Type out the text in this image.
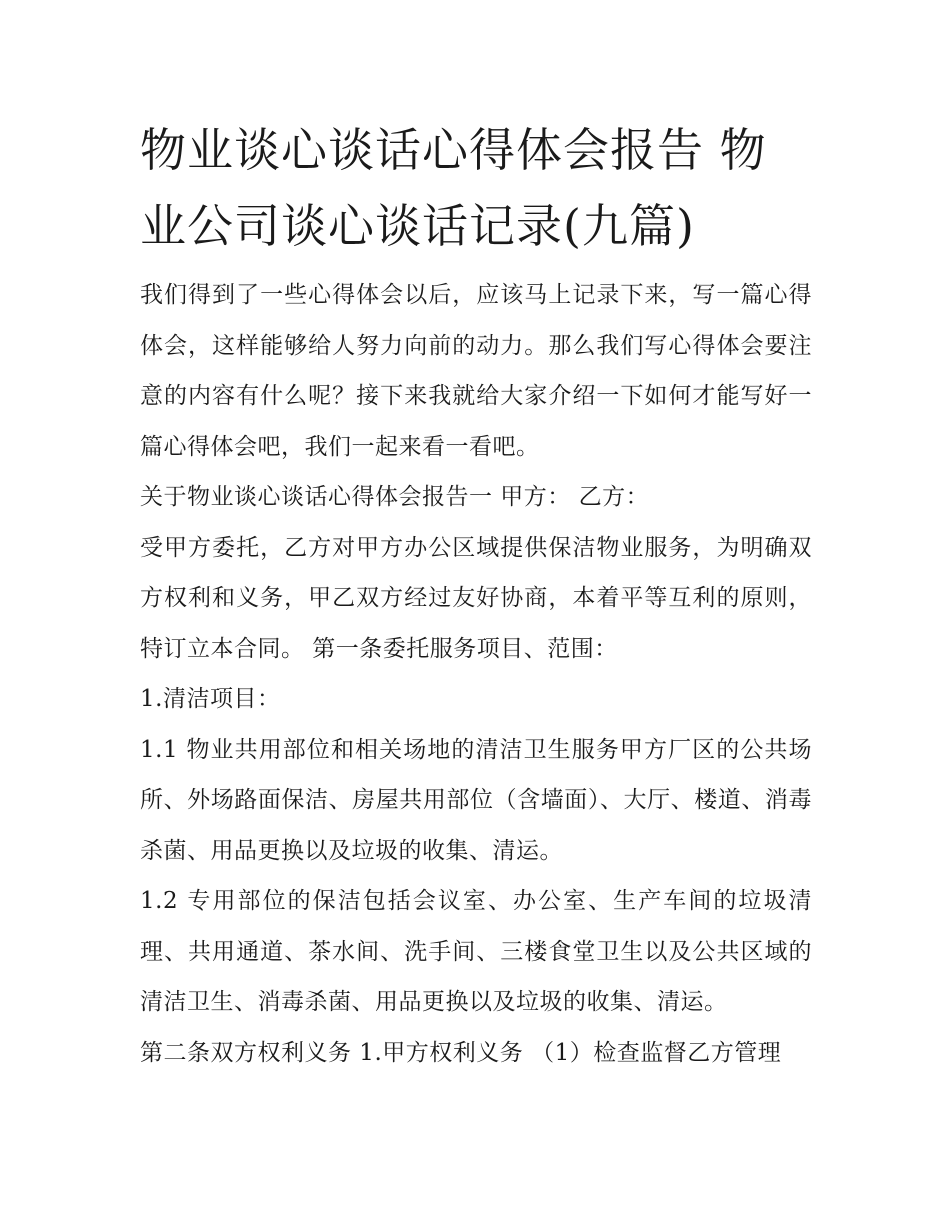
物业谈心谈话心得体会报告 物业公司谈心谈话记录(九篇)

我们得到了一些心得体会以后，应该马上记录下来，写一篇心得体会，这样能够给人努力向前的动力。那么我们写心得体会要注意的内容有什么呢？接下来我就给大家介绍一下如何才能写好一篇心得体会吧，我们一起来看一看吧。

关于物业谈心谈话心得体会报告一 甲方： 乙方：

受甲方委托，乙方对甲方办公区域提供保洁物业服务，为明确双方权利和义务，甲乙双方经过友好协商，本着平等互利的原则，特订立本合同。 第一条委托服务项目、范围：

1.清洁项目：

1.1 物业共用部位和相关场地的清洁卫生服务甲方厂区的公共场所、外场路面保洁、房屋共用部位（含墙面）、大厅、楼道、消毒杀菌、用品更换以及垃圾的收集、清运。

1.2 专用部位的保洁包括会议室、办公室、生产车间的垃圾清理、共用通道、茶水间、洗手间、三楼食堂卫生以及公共区域的清洁卫生、消毒杀菌、用品更换以及垃圾的收集、清运。

第二条双方权利义务 1.甲方权利义务 （1）检查监督乙方管理
